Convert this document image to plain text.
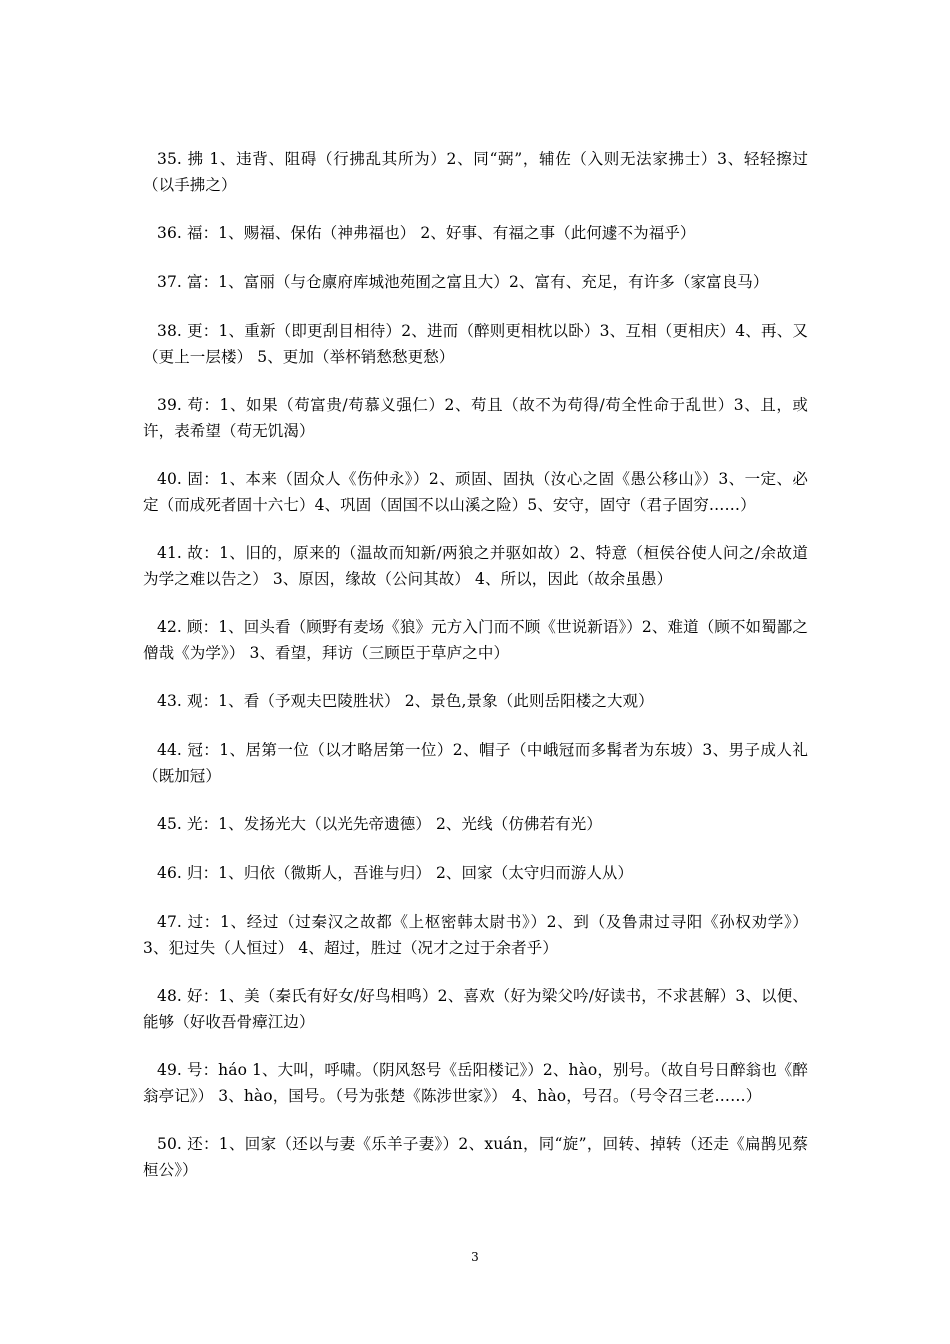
35. 拂 1、违背、阻碍（行拂乱其所为）2、同“弼”，辅佐（入则无法家拂士）3、轻轻擦过（以手拂之）

36. 福：1、赐福、保佑（神弗福也） 2、好事、有福之事（此何遽不为福乎）

37. 富：1、富丽（与仓廪府库城池苑囿之富且大）2、富有、充足，有许多（家富良马）

38. 更：1、重新（即更刮目相待）2、进而（醉则更相枕以卧）3、互相（更相庆）4、再、又（更上一层楼） 5、更加（举杯销愁愁更愁）

39. 苟：1、如果（苟富贵/苟慕义强仁）2、苟且（故不为苟得/苟全性命于乱世）3、且，或许，表希望（苟无饥渴）

40. 固：1、本来（固众人《伤仲永》）2、顽固、固执（汝心之固《愚公移山》）3、一定、必定（而成死者固十六七）4、巩固（固国不以山溪之险）5、安守，固守（君子固穷……）

41. 故：1、旧的，原来的（温故而知新/两狼之并驱如故）2、特意（桓侯谷使人问之/余故道为学之难以告之） 3、原因，缘故（公问其故） 4、所以，因此（故余虽愚）

42. 顾：1、回头看（顾野有麦场《狼》元方入门而不顾《世说新语》）2、难道（顾不如蜀鄙之僧哉《为学》） 3、看望，拜访（三顾臣于草庐之中）

43. 观：1、看（予观夫巴陵胜状） 2、景色,景象（此则岳阳楼之大观）

44. 冠：1、居第一位（以才略居第一位）2、帽子（中峨冠而多髯者为东坡）3、男子成人礼（既加冠）

45. 光：1、发扬光大（以光先帝遗德） 2、光线（仿佛若有光）

46. 归：1、归依（微斯人，吾谁与归） 2、回家（太守归而游人从）

47. 过：1、经过（过秦汉之故都《上枢密韩太尉书》）2、到（及鲁肃过寻阳《孙权劝学》）3、犯过失（人恒过） 4、超过，胜过（况才之过于余者乎）

48. 好：1、美（秦氏有好女/好鸟相鸣）2、喜欢（好为梁父吟/好读书，不求甚解）3、以便、能够（好收吾骨瘴江边）

49. 号：háo 1、大叫，呼啸。（阴风怒号《岳阳楼记》）2、hào，别号。（故自号日醉翁也《醉翁亭记》） 3、hào，国号。（号为张楚《陈涉世家》） 4、hào，号召。（号令召三老……）

50. 还：1、回家（还以与妻《乐羊子妻》）2、xuán，同“旋”，回转、掉转（还走《扁鹊见蔡桓公》）

3
